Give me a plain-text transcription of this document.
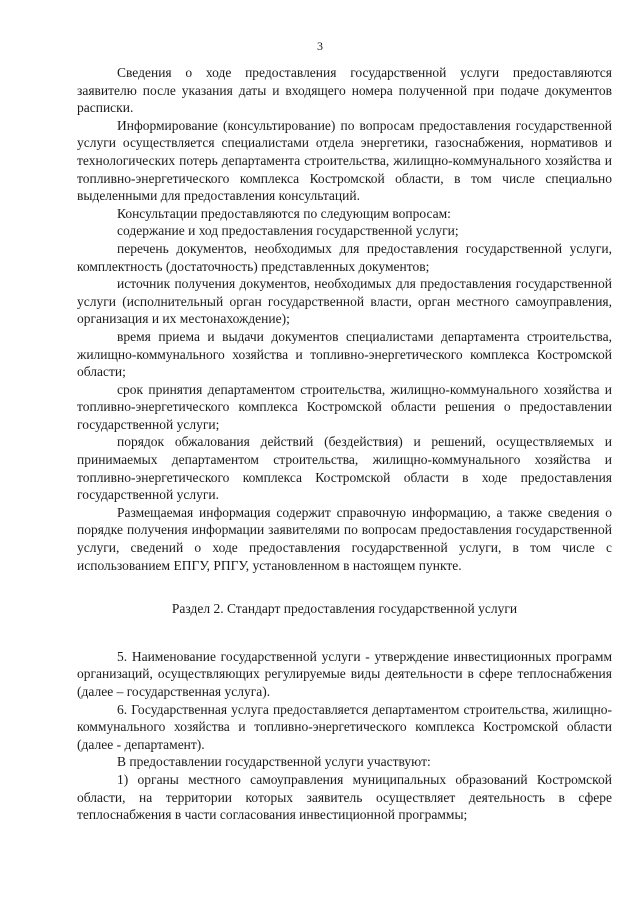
3

Сведения о ходе предоставления государственной услуги предоставляются заявителю после указания даты и входящего номера полученной при подаче документов расписки.

Информирование (консультирование) по вопросам предоставления государственной услуги осуществляется специалистами отдела энергетики, газоснабжения, нормативов и технологических потерь департамента строительства, жилищно-коммунального хозяйства и топливно-энергетического комплекса Костромской области, в том числе специально выделенными для предоставления консультаций.

Консультации предоставляются по следующим вопросам:

содержание и ход предоставления государственной услуги;

перечень документов, необходимых для предоставления государственной услуги, комплектность (достаточность) представленных документов;

источник получения документов, необходимых для предоставления государственной услуги (исполнительный орган государственной власти, орган местного самоуправления, организация и их местонахождение);

время приема и выдачи документов специалистами департамента строительства, жилищно-коммунального хозяйства и топливно-энергетического комплекса Костромской области;

срок принятия департаментом строительства, жилищно-коммунального хозяйства и топливно-энергетического комплекса Костромской области решения о предоставлении государственной услуги;

порядок обжалования действий (бездействия) и решений, осуществляемых и принимаемых департаментом строительства, жилищно-коммунального хозяйства и топливно-энергетического комплекса Костромской области в ходе предоставления государственной услуги.

Размещаемая информация содержит справочную информацию, а также сведения о порядке получения информации заявителями по вопросам предоставления государственной услуги, сведений о ходе предоставления государственной услуги, в том числе с использованием ЕПГУ, РПГУ, установленном в настоящем пункте.

Раздел 2. Стандарт предоставления государственной услуги

5. Наименование государственной услуги - утверждение инвестиционных программ организаций, осуществляющих регулируемые виды деятельности в сфере теплоснабжения (далее – государственная услуга).

6. Государственная услуга предоставляется департаментом строительства, жилищно-коммунального хозяйства и топливно-энергетического комплекса Костромской области (далее - департамент).

В предоставлении государственной услуги участвуют:

1) органы местного самоуправления муниципальных образований Костромской области, на территории которых заявитель осуществляет деятельность в сфере теплоснабжения в части согласования инвестиционной программы;
